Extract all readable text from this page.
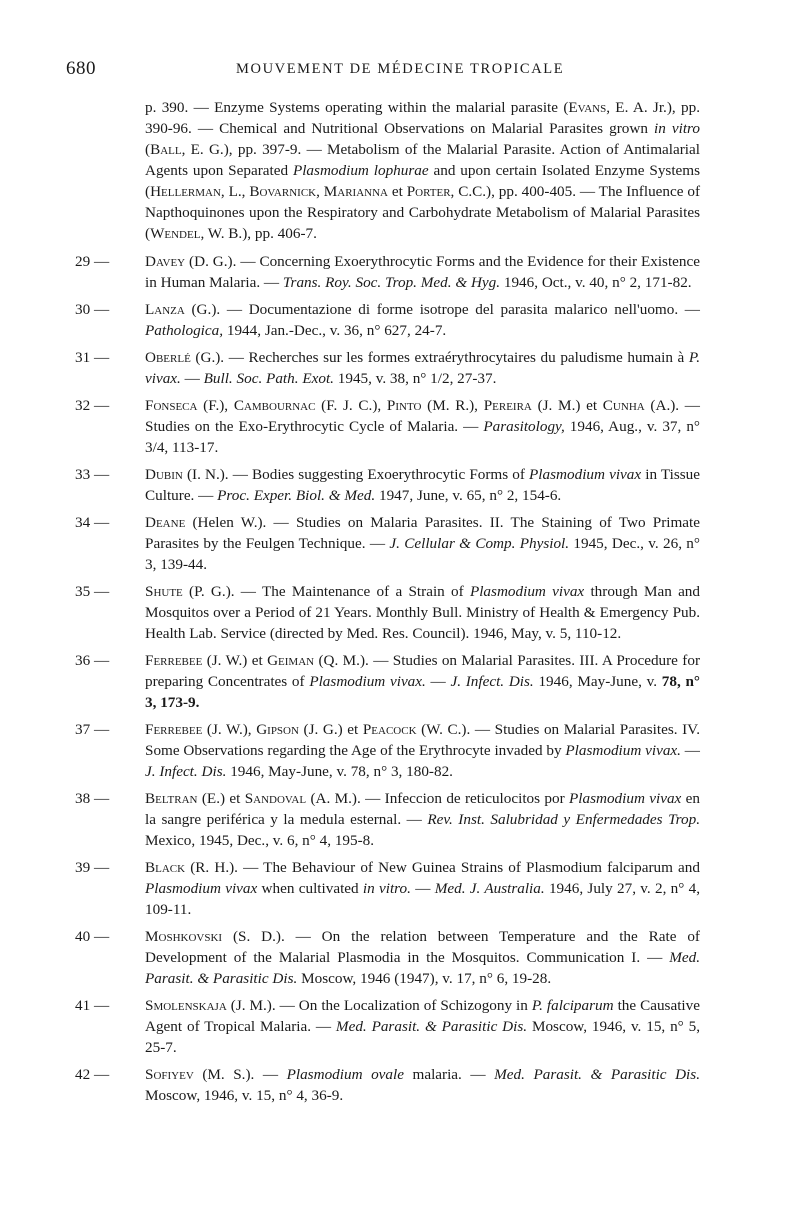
680	MOUVEMENT DE MÉDECINE TROPICALE
p. 390. — Enzyme Systems operating within the malarial parasite (Evans, E. A. Jr.), pp. 390-96. — Chemical and Nutritional Observations on Malarial Parasites grown in vitro (Ball, E. G.), pp. 397-9. — Metabolism of the Malarial Parasite. Action of Antimalarial Agents upon Separated Plasmodium lophurae and upon certain Isolated Enzyme Systems (Hellerman, L., Bovarnick, Marianna et Porter, C.C.), pp. 400-405. — The Influence of Napthoquinones upon the Respiratory and Carbohydrate Metabolism of Malarial Parasites (Wendel, W. B.), pp. 406-7.
29 —	Davey (D. G.). — Concerning Exoerythrocytic Forms and the Evidence for their Existence in Human Malaria. — Trans. Roy. Soc. Trop. Med. & Hyg. 1946, Oct., v. 40, n° 2, 171-82.
30 —	Lanza (G.). — Documentazione di forme isotrope del parasita malarico nell'uomo. — Pathologica, 1944, Jan.-Dec., v. 36, n° 627, 24-7.
31 —	Oberlé (G.). — Recherches sur les formes extraérythrocytaires du paludisme humain à P. vivax. — Bull. Soc. Path. Exot. 1945, v. 38, n° 1/2, 27-37.
32 —	Fonseca (F.), Cambournac (F. J. C.), Pinto (M. R.), Pereira (J. M.) et Cunha (A.). — Studies on the Exo-Erythrocytic Cycle of Malaria. — Parasitology, 1946, Aug., v. 37, n° 3/4, 113-17.
33 —	Dubin (I. N.). — Bodies suggesting Exoerythrocytic Forms of Plasmodium vivax in Tissue Culture. — Proc. Exper. Biol. & Med. 1947, June, v. 65, n° 2, 154-6.
34 —	Deane (Helen W.). — Studies on Malaria Parasites. II. The Staining of Two Primate Parasites by the Feulgen Technique. — J. Cellular & Comp. Physiol. 1945, Dec., v. 26, n° 3, 139-44.
35 —	Shute (P. G.). — The Maintenance of a Strain of Plasmodium vivax through Man and Mosquitos over a Period of 21 Years. Monthly Bull. Ministry of Health & Emergency Pub. Health Lab. Service (directed by Med. Res. Council). 1946, May, v. 5, 110-12.
36 —	Ferrebee (J. W.) et Geiman (Q. M.). — Studies on Malarial Parasites. III. A Procedure for preparing Concentrates of Plasmodium vivax. — J. Infect. Dis. 1946, May-June, v. 78, n° 3, 173-9.
37 —	Ferrebee (J. W.), Gipson (J. G.) et Peacock (W. C.). — Studies on Malarial Parasites. IV. Some Observations regarding the Age of the Erythrocyte invaded by Plasmodium vivax. — J. Infect. Dis. 1946, May-June, v. 78, n° 3, 180-82.
38 —	Beltran (E.) et Sandoval (A. M.). — Infeccion de reticulocitos por Plasmodium vivax en la sangre periférica y la medula esternal. — Rev. Inst. Salubridad y Enfermedades Trop. Mexico, 1945, Dec., v. 6, n° 4, 195-8.
39 —	Black (R. H.). — The Behaviour of New Guinea Strains of Plasmodium falciparum and Plasmodium vivax when cultivated in vitro. — Med. J. Australia. 1946, July 27, v. 2, n° 4, 109-11.
40 —	Moshkovski (S. D.). — On the relation between Temperature and the Rate of Development of the Malarial Plasmodia in the Mosquitos. Communication I. — Med. Parasit. & Parasitic Dis. Moscow, 1946 (1947), v. 17, n° 6, 19-28.
41 —	Smolenskaja (J. M.). — On the Localization of Schizogony in P. falciparum the Causative Agent of Tropical Malaria. — Med. Parasit. & Parasitic Dis. Moscow, 1946, v. 15, n° 5, 25-7.
42 —	Sofiyev (M. S.). — Plasmodium ovale malaria. — Med. Parasit. & Parasitic Dis. Moscow, 1946, v. 15, n° 4, 36-9.
